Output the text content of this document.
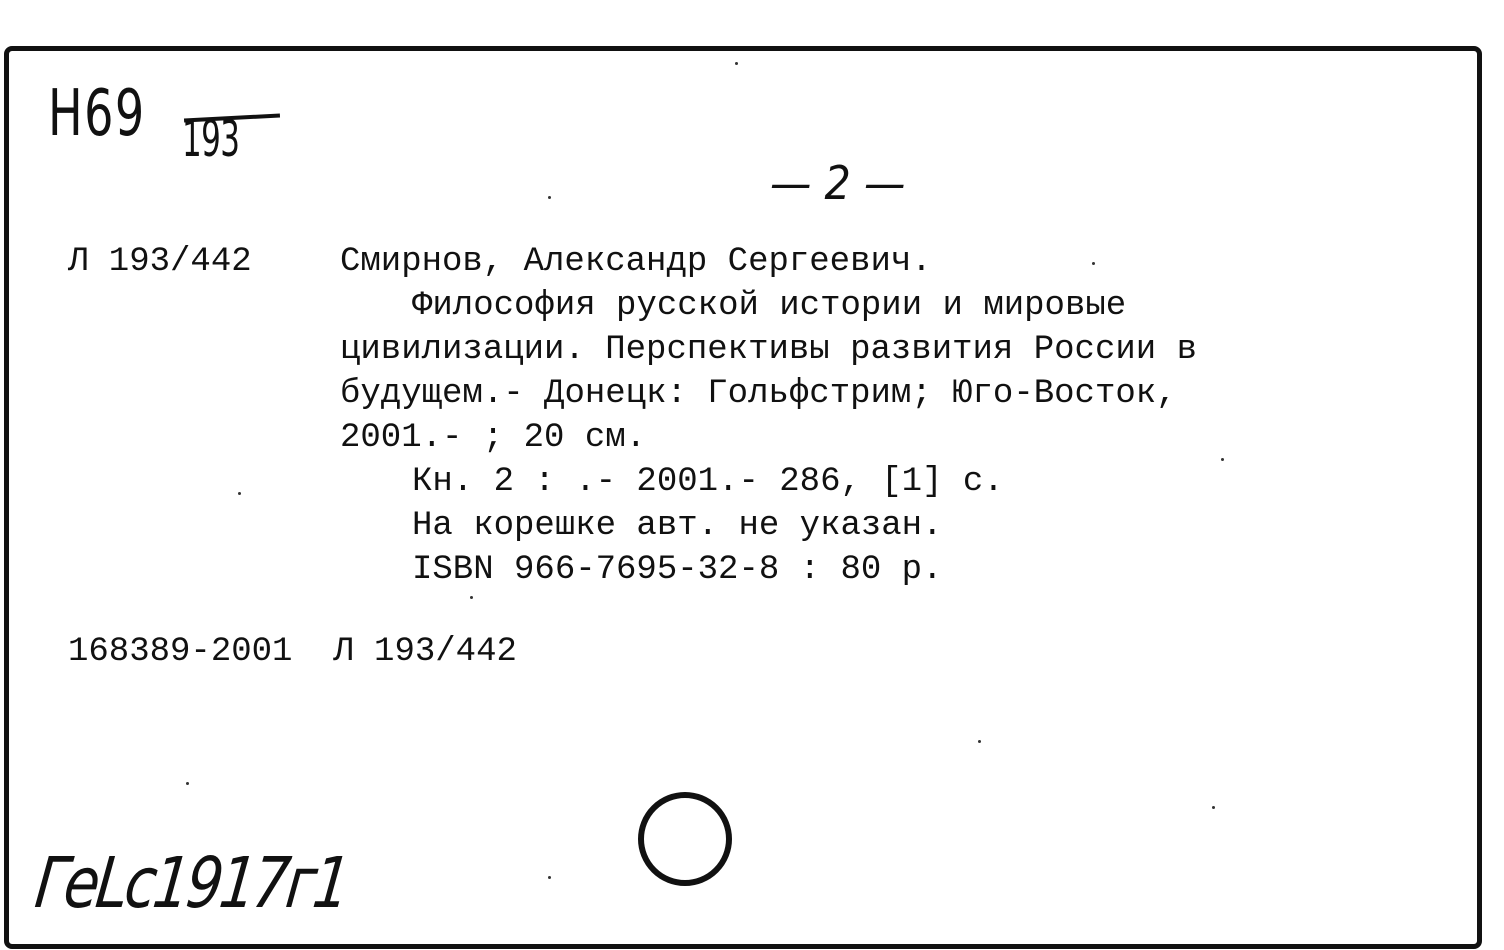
Н69 193
— 2 —
Л 193/442	Смирнов, Александр Сергеевич.
Философия русской истории и мировые
цивилизации. Перспективы развития России в
будущем.- Донецк: Гольфстрим; Юго-Восток,
2001.- ; 20 см.
Кн. 2 : .- 2001.- 286, [1] с.
На корешке авт. не указан.
ISBN 966-7695-32-8 : 80 р.
168389-2001  Л 193/442
ГеLc1917г1
